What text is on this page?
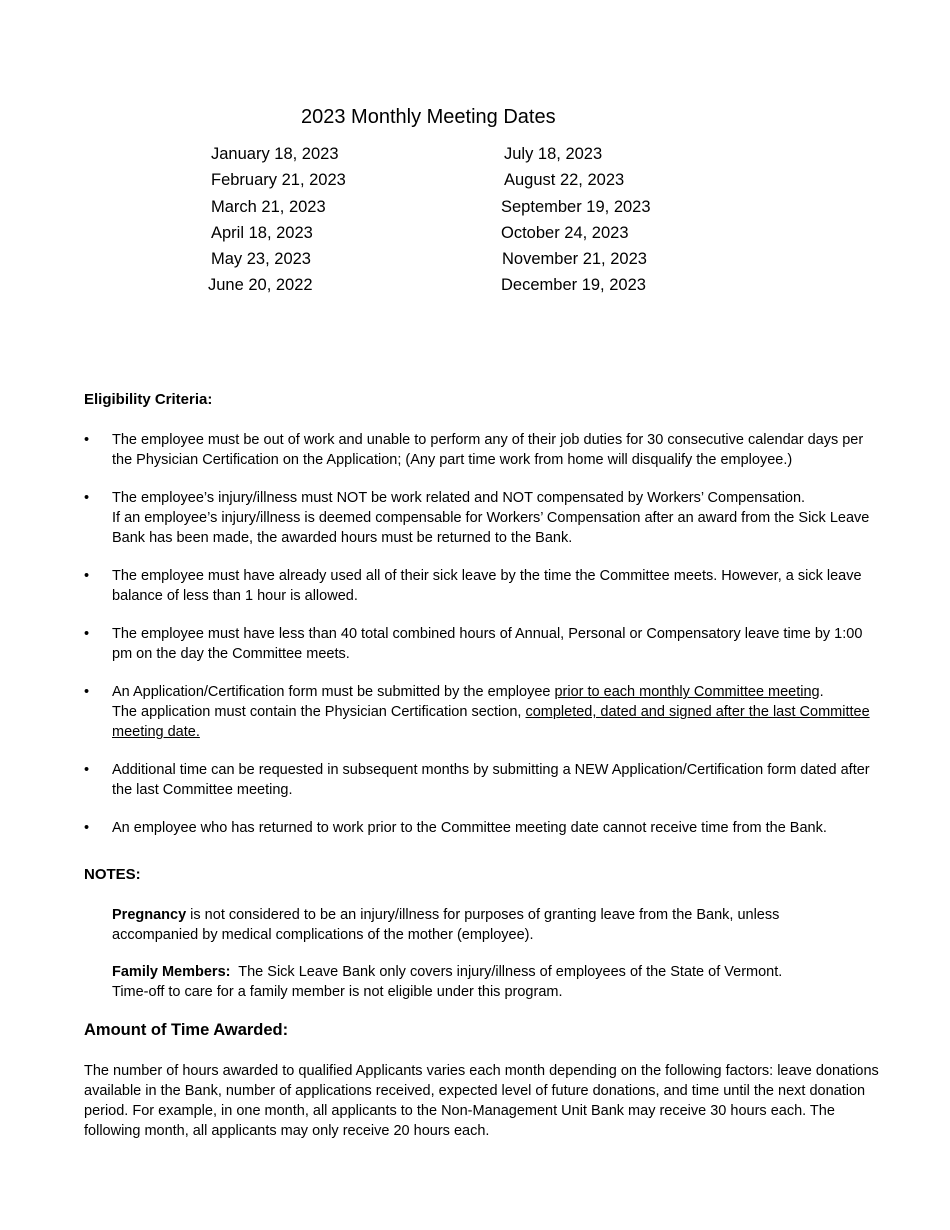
2023 Monthly Meeting Dates
January 18, 2023
February 21, 2023
March 21, 2023
April 18, 2023
May 23, 2023
June 20, 2022
July 18, 2023
August 22, 2023
September 19, 2023
October 24, 2023
November 21, 2023
December 19, 2023
Eligibility Criteria:
• The employee must be out of work and unable to perform any of their job duties for 30 consecutive calendar days per the Physician Certification on the Application; (Any part time work from home will disqualify the employee.)
• The employee’s injury/illness must NOT be work related and NOT compensated by Workers’ Compensation.
If an employee’s injury/illness is deemed compensable for Workers’ Compensation after an award from the Sick Leave Bank has been made, the awarded hours must be returned to the Bank.
• The employee must have already used all of their sick leave by the time the Committee meets. However, a sick leave balance of less than 1 hour is allowed.
• The employee must have less than 40 total combined hours of Annual, Personal or Compensatory leave time by 1:00 pm on the day the Committee meets.
• An Application/Certification form must be submitted by the employee prior to each monthly Committee meeting.
The application must contain the Physician Certification section, completed, dated and signed after the last Committee meeting date.
• Additional time can be requested in subsequent months by submitting a NEW Application/Certification form dated after the last Committee meeting.
• An employee who has returned to work prior to the Committee meeting date cannot receive time from the Bank.
NOTES:
Pregnancy is not considered to be an injury/illness for purposes of granting leave from the Bank, unless accompanied by medical complications of the mother (employee).
Family Members:  The Sick Leave Bank only covers injury/illness of employees of the State of Vermont.
Time-off to care for a family member is not eligible under this program.
Amount of Time Awarded:
The number of hours awarded to qualified Applicants varies each month depending on the following factors: leave donations available in the Bank, number of applications received, expected level of future donations, and time until the next donation period. For example, in one month, all applicants to the Non-Management Unit Bank may receive 30 hours each. The following month, all applicants may only receive 20 hours each.
